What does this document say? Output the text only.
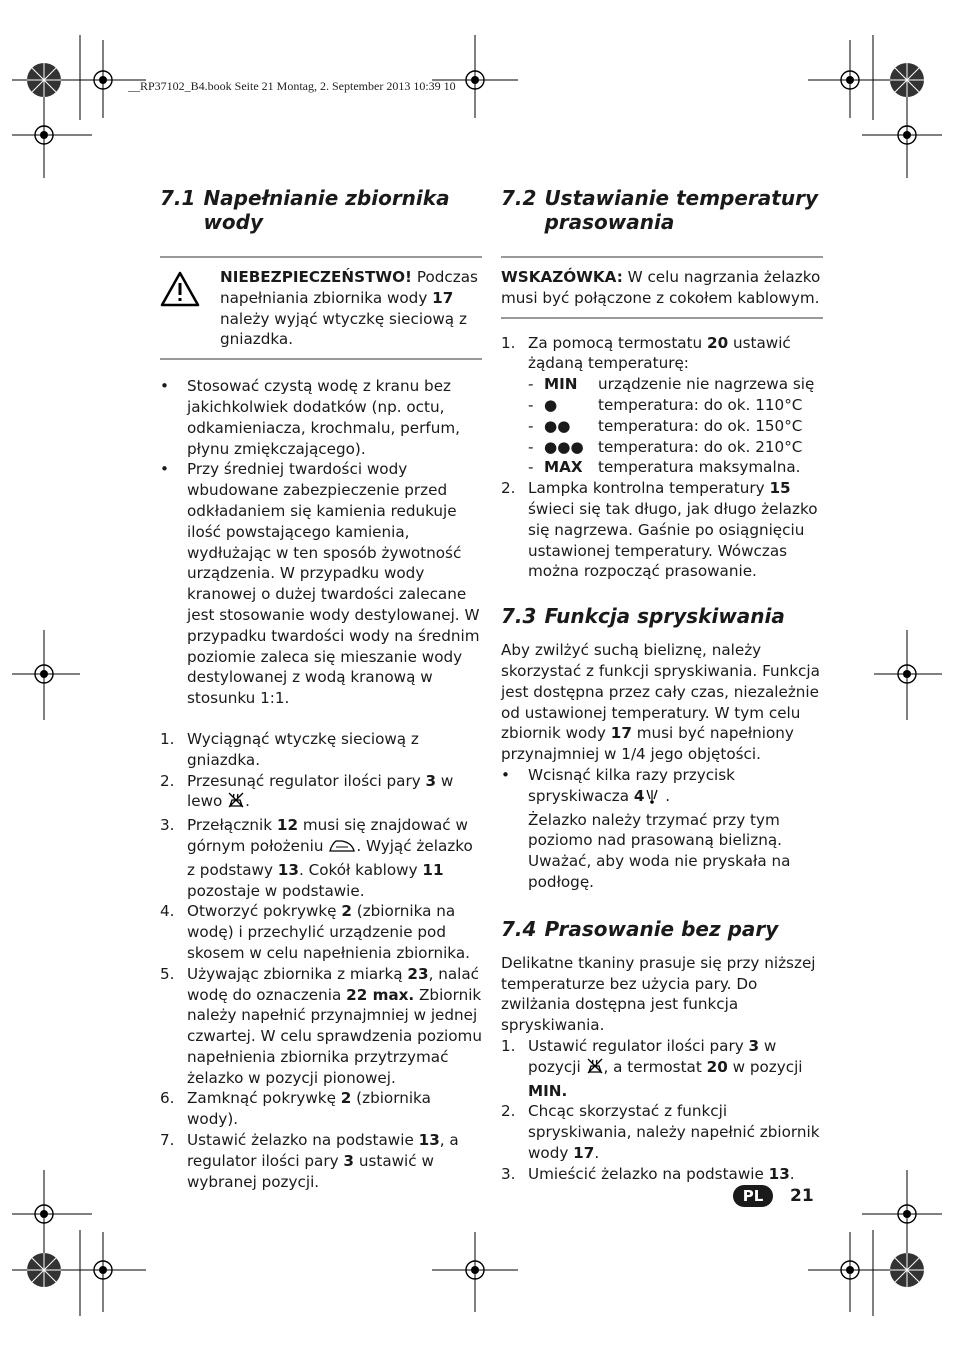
__RP37102_B4.book Seite 21 Montag, 2. September 2013 10:39 10
7.1 Napełnianie zbiornika wody

NIEBEZPIECZEŃSTWO! Podczas napełniania zbiornika wody 17 należy wyjąć wtyczkę sieciową z gniazdka.

•	Stosować czystą wodę z kranu bez jakichkolwiek dodatków (np. octu, odkamieniacza, krochmalu, perfum, płynu zmiękczającego).
•	Przy średniej twardości wody wbudowane zabezpieczenie przed odkładaniem się kamienia redukuje ilość powstającego kamienia, wydłużając w ten sposób żywotność urządzenia. W przypadku wody kranowej o dużej twardości zalecane jest stosowanie wody destylowanej. W przypadku twardości wody na średnim poziomie zaleca się mieszanie wody destylowanej z wodą kranową w stosunku 1:1.
1. Wyciągnąć wtyczkę sieciową z gniazdka.
2. Przesunąć regulator ilości pary 3 w lewo .
3. Przełącznik 12 musi się znajdować w górnym położeniu . Wyjąć żelazko z podstawy 13. Cokół kablowy 11 pozostaje w podstawie.
4. Otworzyć pokrywkę 2 (zbiornika na wodę) i przechylić urządzenie pod skosem w celu napełnienia zbiornika.
5. Używając zbiornika z miarką 23, nalać wodę do oznaczenia 22 max. Zbiornik należy napełnić przynajmniej w jednej czwartej. W celu sprawdzenia poziomu napełnienia zbiornika przytrzymać żelazko w pozycji pionowej.
6. Zamknąć pokrywkę 2 (zbiornika wody).
7. Ustawić żelazko na podstawie 13, a regulator ilości pary 3 ustawić w wybranej pozycji.
7.2 Ustawianie temperatury prasowania

WSKAZÓWKA: W celu nagrzania żelazko musi być połączone z cokołem kablowym.

1. Za pomocą termostatu 20 ustawić żądaną temperaturę:
- MIN	urządzenie nie nagrzewa się
- ●	temperatura: do ok. 110°C
- ●●	temperatura: do ok. 150°C
- ●●● temperatura: do ok. 210°C
- MAX	temperatura maksymalna.
2. Lampka kontrolna temperatury 15 świeci się tak długo, jak długo żelazko się nagrzewa. Gaśnie po osiągnięciu ustawionej temperatury. Wówczas można rozpocząć prasowanie.
7.3 Funkcja spryskiwania

Aby zwilżyć suchą bieliznę, należy skorzystać z funkcji spryskiwania. Funkcja jest dostępna przez cały czas, niezależnie od ustawionej temperatury. W tym celu zbiornik wody 17 musi być napełniony przynajmniej w 1/4 jego objętości.

•	Wcisnąć kilka razy przycisk spryskiwacza 4 .
Żelazko należy trzymać przy tym poziomo nad prasowaną bielizną. Uważać, aby woda nie pryskała na podłogę.
7.4 Prasowanie bez pary

Delikatne tkaniny prasuje się przy niższej temperaturze bez użycia pary. Do zwilżania dostępna jest funkcja spryskiwania.

1. Ustawić regulator ilości pary 3 w pozycji , a termostat 20 w pozycji MIN.
2. Chcąc skorzystać z funkcji spryskiwania, należy napełnić zbiornik wody 17.
3. Umieścić żelazko na podstawie 13.
PL	21
